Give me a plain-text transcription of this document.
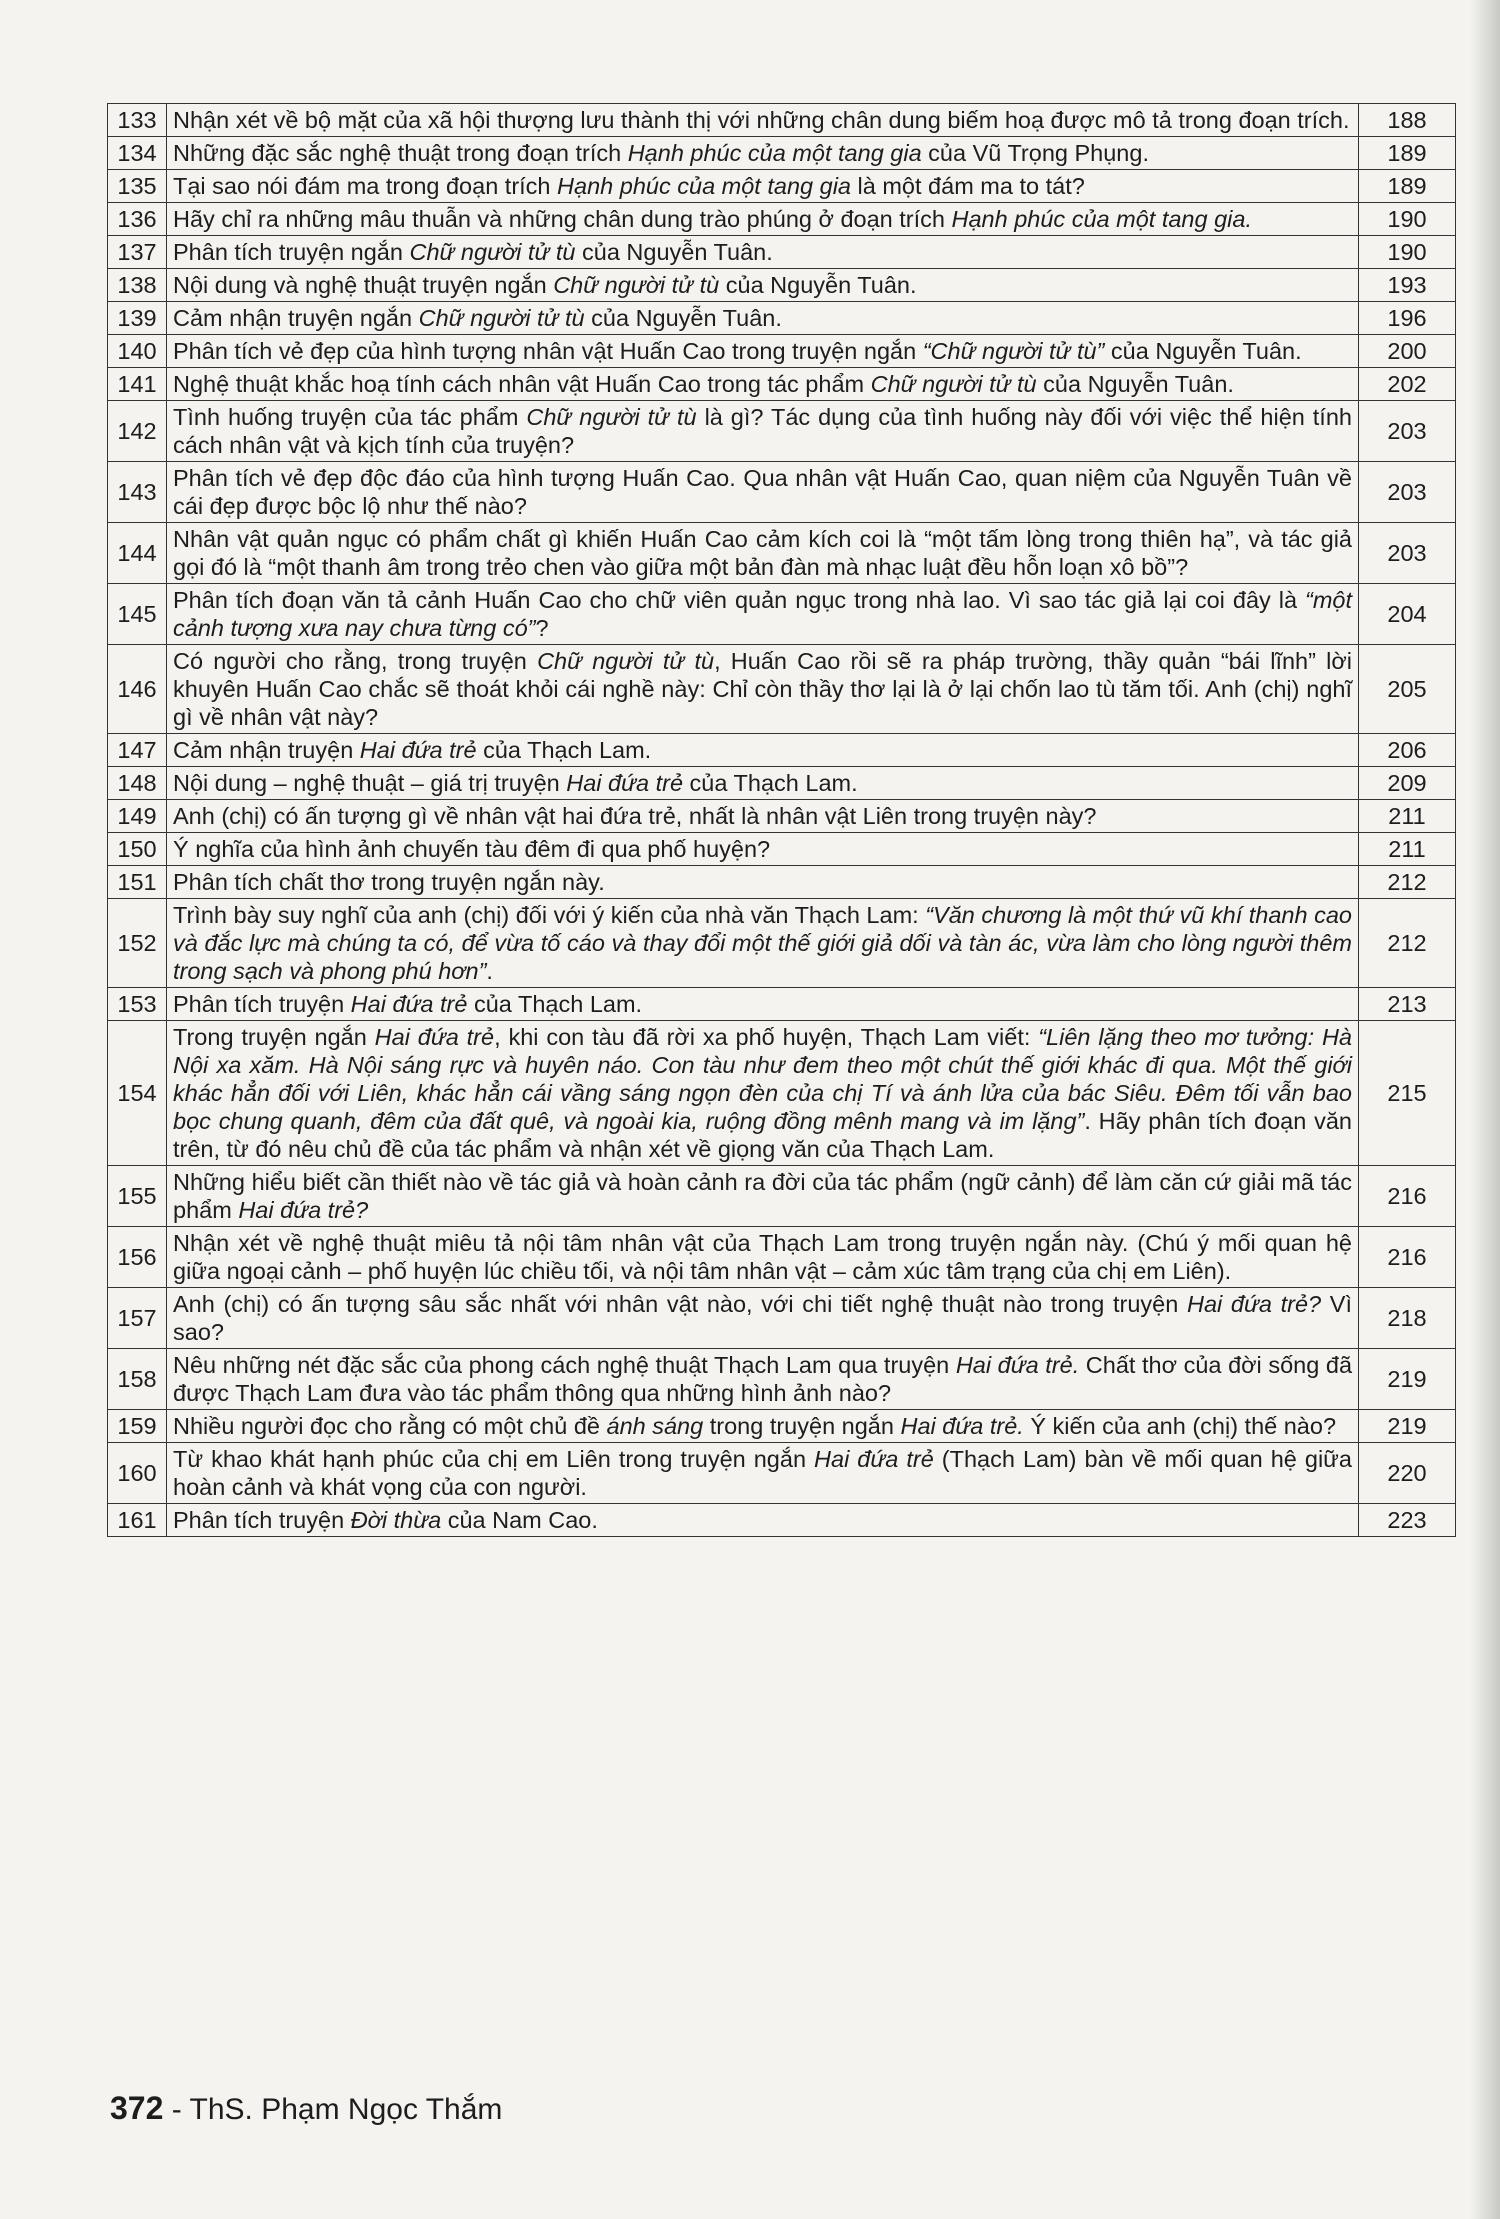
133	Nhận xét về bộ mặt của xã hội thượng lưu thành thị với những chân dung biếm hoạ được mô tả trong đoạn trích.	188
134	Những đặc sắc nghệ thuật trong đoạn trích Hạnh phúc của một tang gia của Vũ Trọng Phụng.	189
135	Tại sao nói đám ma trong đoạn trích Hạnh phúc của một tang gia là một đám ma to tát?	189
136	Hãy chỉ ra những mâu thuẫn và những chân dung trào phúng ở đoạn trích Hạnh phúc của một tang gia.	190
137	Phân tích truyện ngắn Chữ người tử tù của Nguyễn Tuân.	190
138	Nội dung và nghệ thuật truyện ngắn Chữ người tử tù của Nguyễn Tuân.	193
139	Cảm nhận truyện ngắn Chữ người tử tù của Nguyễn Tuân.	196
140	Phân tích vẻ đẹp của hình tượng nhân vật Huấn Cao trong truyện ngắn “Chữ người tử tù” của Nguyễn Tuân.	200
141	Nghệ thuật khắc hoạ tính cách nhân vật Huấn Cao trong tác phẩm Chữ người tử tù của Nguyễn Tuân.	202
142	Tình huống truyện của tác phẩm Chữ người tử tù là gì? Tác dụng của tình huống này đối với việc thể hiện tính cách nhân vật và kịch tính của truyện?	203
143	Phân tích vẻ đẹp độc đáo của hình tượng Huấn Cao. Qua nhân vật Huấn Cao, quan niệm của Nguyễn Tuân về cái đẹp được bộc lộ như thế nào?	203
144	Nhân vật quản ngục có phẩm chất gì khiến Huấn Cao cảm kích coi là “một tấm lòng trong thiên hạ”, và tác giả gọi đó là “một thanh âm trong trẻo chen vào giữa một bản đàn mà nhạc luật đều hỗn loạn xô bồ”?	203
145	Phân tích đoạn văn tả cảnh Huấn Cao cho chữ viên quản ngục trong nhà lao. Vì sao tác giả lại coi đây là “một cảnh tượng xưa nay chưa từng có”?	204
146	Có người cho rằng, trong truyện Chữ người tử tù, Huấn Cao rồi sẽ ra pháp trường, thầy quản “bái lĩnh” lời khuyên Huấn Cao chắc sẽ thoát khỏi cái nghề này: Chỉ còn thầy thơ lại là ở lại chốn lao tù tăm tối. Anh (chị) nghĩ gì về nhân vật này?	205
147	Cảm nhận truyện Hai đứa trẻ của Thạch Lam.	206
148	Nội dung – nghệ thuật – giá trị truyện Hai đứa trẻ của Thạch Lam.	209
149	Anh (chị) có ấn tượng gì về nhân vật hai đứa trẻ, nhất là nhân vật Liên trong truyện này?	211
150	Ý nghĩa của hình ảnh chuyến tàu đêm đi qua phố huyện?	211
151	Phân tích chất thơ trong truyện ngắn này.	212
152	Trình bày suy nghĩ của anh (chị) đối với ý kiến của nhà văn Thạch Lam: “Văn chương là một thứ vũ khí thanh cao và đắc lực mà chúng ta có, để vừa tố cáo và thay đổi một thế giới giả dối và tàn ác, vừa làm cho lòng người thêm trong sạch và phong phú hơn”.	212
153	Phân tích truyện Hai đứa trẻ của Thạch Lam.	213
154	Trong truyện ngắn Hai đứa trẻ, khi con tàu đã rời xa phố huyện, Thạch Lam viết: “Liên lặng theo mơ tưởng: Hà Nội xa xăm. Hà Nội sáng rực và huyên náo. Con tàu như đem theo một chút thế giới khác đi qua. Một thế giới khác hẳn đối với Liên, khác hẳn cái vầng sáng ngọn đèn của chị Tí và ánh lửa của bác Siêu. Đêm tối vẫn bao bọc chung quanh, đêm của đất quê, và ngoài kia, ruộng đồng mênh mang và im lặng”. Hãy phân tích đoạn văn trên, từ đó nêu chủ đề của tác phẩm và nhận xét về giọng văn của Thạch Lam.	215
155	Những hiểu biết cần thiết nào về tác giả và hoàn cảnh ra đời của tác phẩm (ngữ cảnh) để làm căn cứ giải mã tác phẩm Hai đứa trẻ?	216
156	Nhận xét về nghệ thuật miêu tả nội tâm nhân vật của Thạch Lam trong truyện ngắn này. (Chú ý mối quan hệ giữa ngoại cảnh – phố huyện lúc chiều tối, và nội tâm nhân vật – cảm xúc tâm trạng của chị em Liên).	216
157	Anh (chị) có ấn tượng sâu sắc nhất với nhân vật nào, với chi tiết nghệ thuật nào trong truyện Hai đứa trẻ? Vì sao?	218
158	Nêu những nét đặc sắc của phong cách nghệ thuật Thạch Lam qua truyện Hai đứa trẻ. Chất thơ của đời sống đã được Thạch Lam đưa vào tác phẩm thông qua những hình ảnh nào?	219
159	Nhiều người đọc cho rằng có một chủ đề ánh sáng trong truyện ngắn Hai đứa trẻ. Ý kiến của anh (chị) thế nào?	219
160	Từ khao khát hạnh phúc của chị em Liên trong truyện ngắn Hai đứa trẻ (Thạch Lam) bàn về mối quan hệ giữa hoàn cảnh và khát vọng của con người.	220
161	Phân tích truyện Đời thừa của Nam Cao.	223
372 - ThS. Phạm Ngọc Thắm
